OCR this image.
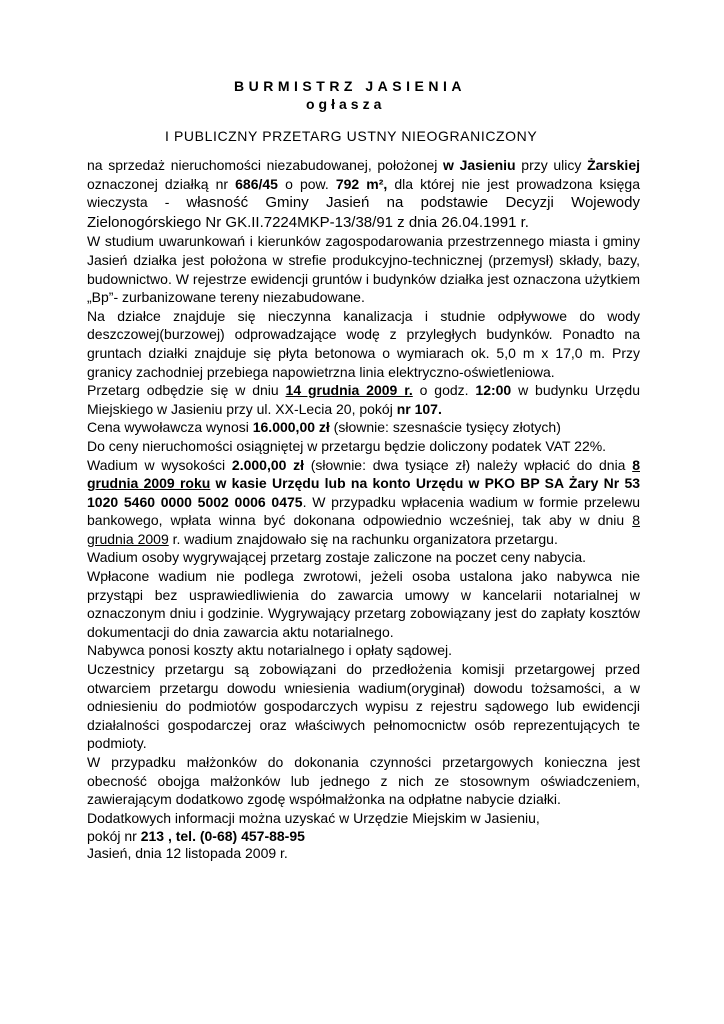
BURMISTRZ JASIENIA
ogłasza
I PUBLICZNY PRZETARG USTNY NIEOGRANICZONY

na sprzedaż nieruchomości niezabudowanej, położonej w Jasieniu przy ulicy Żarskiej oznaczonej działką nr 686/45 o pow. 792 m², dla której nie jest prowadzona księga wieczysta - własność Gminy Jasień na podstawie Decyzji Wojewody Zielonogórskiego Nr GK.II.7224MKP-13/38/91 z dnia 26.04.1991 r.

W studium uwarunkowań i kierunków zagospodarowania przestrzennego miasta i gminy Jasień działka jest położona w strefie produkcyjno-technicznej (przemysł) składy, bazy, budownictwo. W rejestrze ewidencji gruntów i budynków działka jest oznaczona użytkiem „Bp”- zurbanizowane tereny niezabudowane.

Na działce znajduje się nieczynna kanalizacja i studnie odpływowe do wody deszczowej(burzowej) odprowadzające wodę z przyległych budynków. Ponadto na gruntach działki znajduje się płyta betonowa o wymiarach ok. 5,0 m x 17,0 m. Przy granicy zachodniej przebiega napowietrzna linia elektryczno-oświetleniowa.

Przetarg odbędzie się w dniu 14 grudnia 2009 r. o godz. 12:00 w budynku Urzędu Miejskiego w Jasieniu przy ul. XX-Lecia 20, pokój nr 107.

Cena wywoławcza wynosi 16.000,00 zł (słownie: szesnaście tysięcy złotych)

Do ceny nieruchomości osiągniętej w przetargu będzie doliczony podatek VAT 22%.

Wadium w wysokości 2.000,00 zł (słownie: dwa tysiące zł) należy wpłacić do dnia 8 grudnia 2009 roku w kasie Urzędu lub na konto Urzędu w PKO BP SA Żary Nr 53 1020 5460 0000 5002 0006 0475. W przypadku wpłacenia wadium w formie przelewu bankowego, wpłata winna być dokonana odpowiednio wcześniej, tak aby w dniu 8 grudnia 2009 r. wadium znajdowało się na rachunku organizatora przetargu.

Wadium osoby wygrywającej przetarg zostaje zaliczone na poczet ceny nabycia.

Wpłacone wadium nie podlega zwrotowi, jeżeli osoba ustalona jako nabywca nie przystąpi bez usprawiedliwienia do zawarcia umowy w kancelarii notarialnej w oznaczonym dniu i godzinie. Wygrywający przetarg zobowiązany jest do zapłaty kosztów dokumentacji do dnia zawarcia aktu notarialnego.

Nabywca ponosi koszty aktu notarialnego i opłaty sądowej.

Uczestnicy przetargu są zobowiązani do przedłożenia komisji przetargowej przed otwarciem przetargu dowodu wniesienia wadium(oryginał) dowodu tożsamości, a w odniesieniu do podmiotów gospodarczych wypisu z rejestru sądowego lub ewidencji działalności gospodarczej oraz właściwych pełnomocnictw osób reprezentujących te podmioty.

W przypadku małżonków do dokonania czynności przetargowych konieczna jest obecność obojga małżonków lub jednego z nich ze stosownym oświadczeniem, zawierającym dodatkowo zgodę współmałżonka na odpłatne nabycie działki.

Dodatkowych informacji można uzyskać w Urzędzie Miejskim w Jasieniu,
pokój nr 213 , tel. (0-68) 457-88-95

Jasień, dnia 12 listopada 2009 r.
